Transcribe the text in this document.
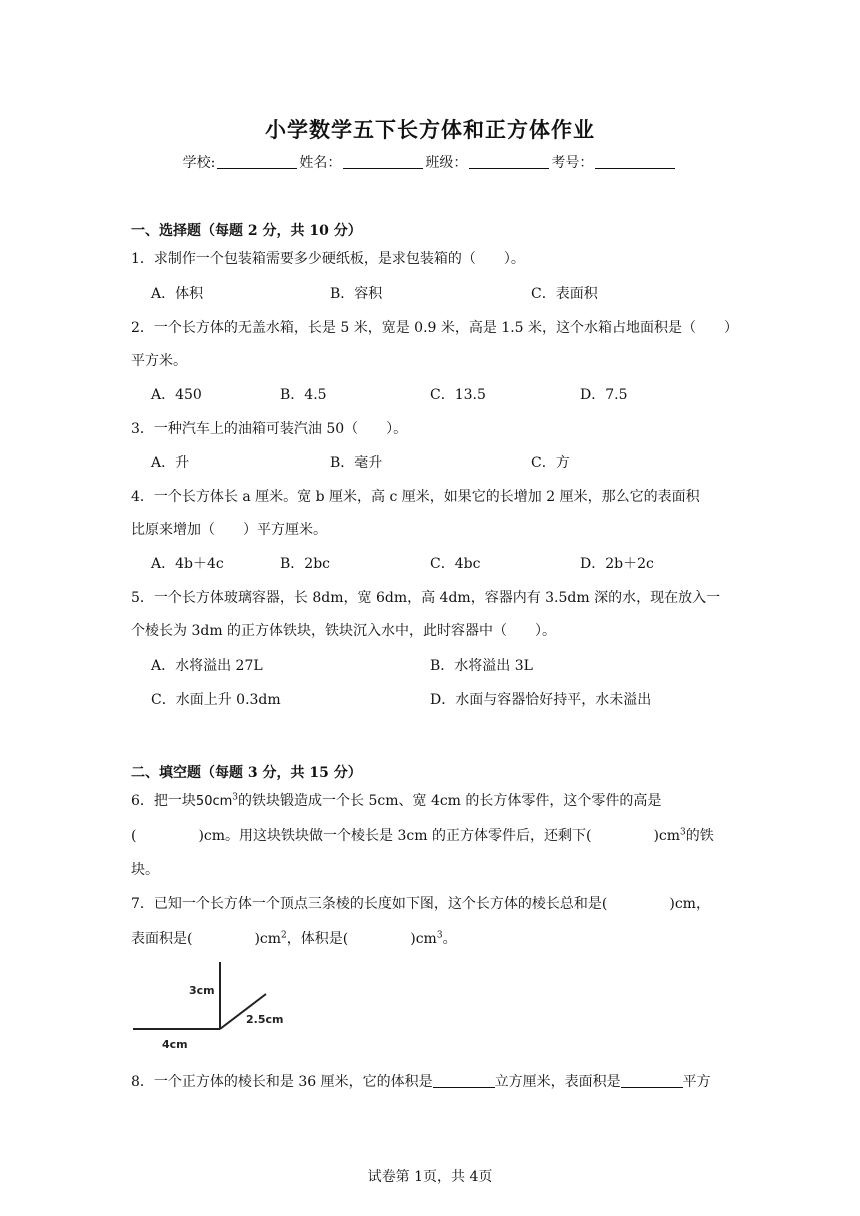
小学数学五下长方体和正方体作业
学校:	姓名：	班级：	考号：
一、选择题（每题 2 分，共 10 分）
1．求制作一个包装箱需要多少硬纸板，是求包装箱的（　　）。
A．体积	B．容积	C．表面积
2．一个长方体的无盖水箱，长是 5 米，宽是 0.9 米，高是 1.5 米，这个水箱占地面积是（　　）
平方米。
A．450	B．4.5	C．13.5	D．7.5
3．一种汽车上的油箱可装汽油 50（　　）。
A．升	B．毫升	C．方
4．一个长方体长 a 厘米。宽 b 厘米，高 c 厘米，如果它的长增加 2 厘米，那么它的表面积
比原来增加（　　）平方厘米。
A．4b＋4c	B．2bc	C．4bc	D．2b＋2c
5．一个长方体玻璃容器，长 8dm，宽 6dm，高 4dm，容器内有 3.5dm 深的水，现在放入一
个棱长为 3dm 的正方体铁块，铁块沉入水中，此时容器中（　　）。
A．水将溢出 27L	B．水将溢出 3L
C．水面上升 0.3dm	D．水面与容器恰好持平，水未溢出
二、填空题（每题 3 分，共 15 分）
6．把一块$50cm^3$的铁块锻造成一个长 5cm、宽 4cm 的长方体零件，这个零件的高是
(	)cm。用这块铁块做一个棱长是 3cm 的正方体零件后，还剩下(	)$cm^3$的铁
块。
7．已知一个长方体一个顶点三条棱的长度如下图，这个长方体的棱长总和是(	)cm，
表面积是(	)$cm^2$，体积是(	)$cm^3$。
3cm
2.5cm
4cm
8．一个正方体的棱长和是 36 厘米，它的体积是	立方厘米，表面积是	平方
试卷第 1页，共 4页
